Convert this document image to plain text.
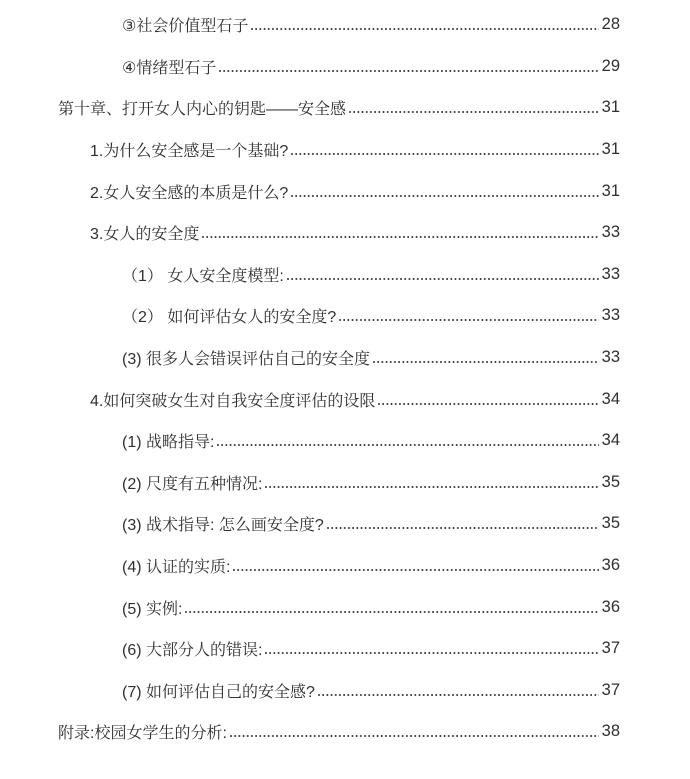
③社会价值型石子	28
④情绪型石子	29
第十章、打开女人内心的钥匙——安全感	31
1.为什么安全感是一个基础?	31
2.女人安全感的本质是什么?	31
3.女人的安全度	33
（1） 女人安全度模型:	33
（2） 如何评估女人的安全度?	33
(3) 很多人会错误评估自己的安全度	33
4.如何突破女生对自我安全度评估的设限	34
(1) 战略指导:	34
(2) 尺度有五种情况:	35
(3) 战术指导: 怎么画安全度?	35
(4) 认证的实质:	36
(5) 实例:	36
(6) 大部分人的错误:	37
(7) 如何评估自己的安全感?	37
附录:校园女学生的分析:	38
